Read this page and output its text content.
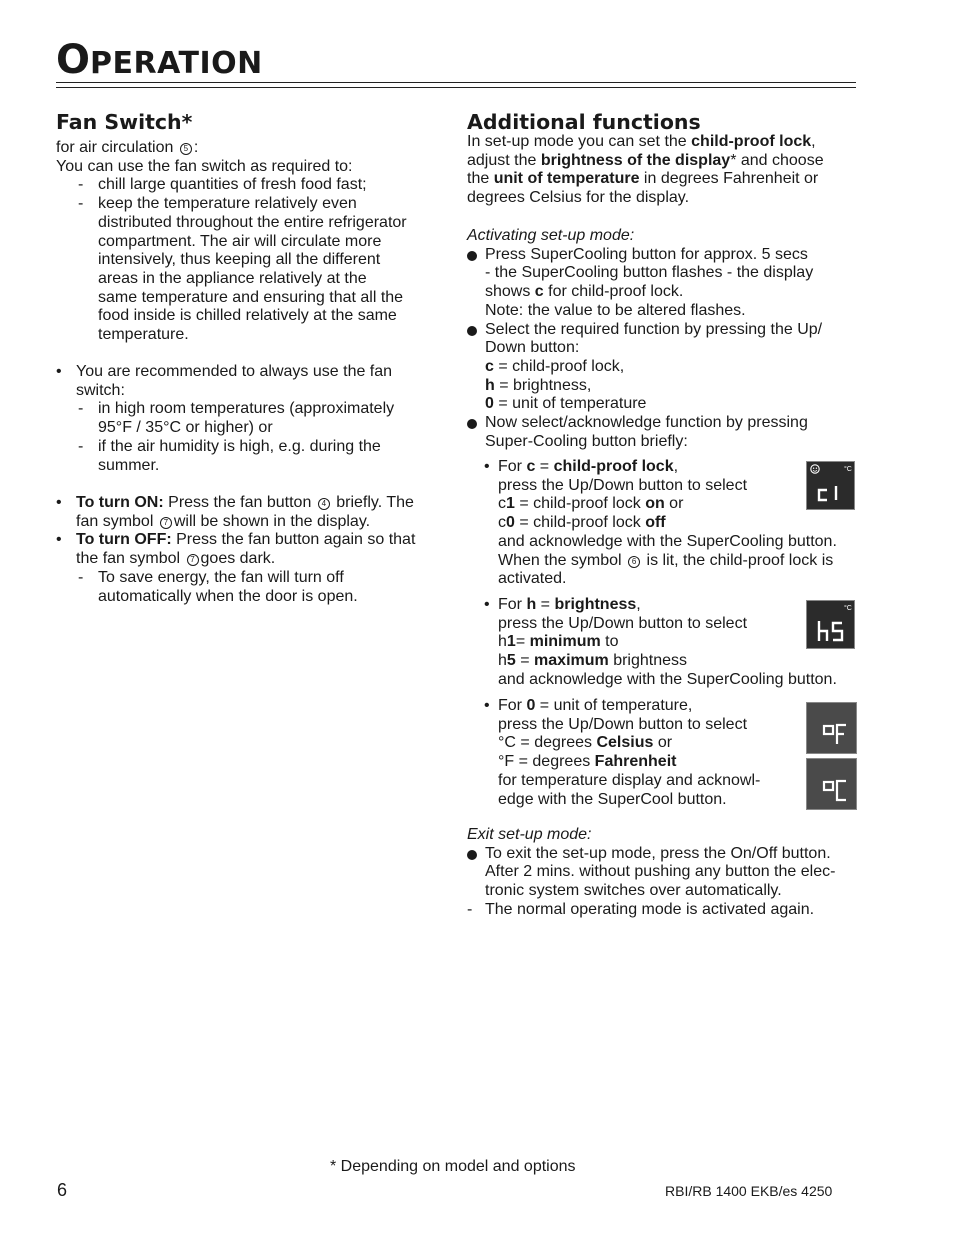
OPERATION
Fan Switch*
for air circulation 5 :
You can use the fan switch as required to:
- chill large quantities of fresh food fast;
- keep the temperature relatively even
distributed throughout the entire refrigerator
compartment. The air will circulate more
intensively, thus keeping all the different
areas in the appliance relatively at the
same temperature and ensuring that all the
food inside is chilled relatively at the same
temperature.
• You are recommended to always use the fan
switch:
- in high room temperatures (approximately
95°F / 35°C or higher) or
- if the air humidity is high, e.g. during the
summer.
• To turn ON: Press the fan button 4 briefly. The
fan symbol 7 will be shown in the display.
• To turn OFF: Press the fan button again so that
the fan symbol 7 goes dark.
- To save energy, the fan will turn off
automatically when the door is open.
Additional functions
In set-up mode you can set the child-proof lock,
adjust the brightness of the display* and choose
the unit of temperature in degrees Fahrenheit or
degrees Celsius for the display.
Activating set-up mode:
Press SuperCooling button for approx. 5 secs
- the SuperCooling button flashes - the display
shows c for child-proof lock.
Note: the value to be altered flashes.
Select the required function by pressing the Up/
Down button:
c = child-proof lock,
h = brightness,
0 = unit of temperature
Now select/acknowledge function by pressing
Super-Cooling button briefly:
• For c = child-proof lock,
press the Up/Down button to select
c1 = child-proof lock on or
c0 = child-proof lock off
and acknowledge with the SuperCooling button.
When the symbol 6 is lit, the child-proof lock is
activated.
°C
• For h = brightness,
press the Up/Down button to select
h1= minimum to
h5 = maximum brightness
and acknowledge with the SuperCooling button.
°C
• For 0 = unit of temperature,
press the Up/Down button to select
°C = degrees Celsius or
°F = degrees Fahrenheit
for temperature display and acknowl-
edge with the SuperCool button.
Exit set-up mode:
To exit the set-up mode, press the On/Off button.
After 2 mins. without pushing any button the elec-
tronic system switches over automatically.
- The normal operating mode is activated again.
* Depending on model and options
6	RBI/RB 1400 EKB/es 4250
